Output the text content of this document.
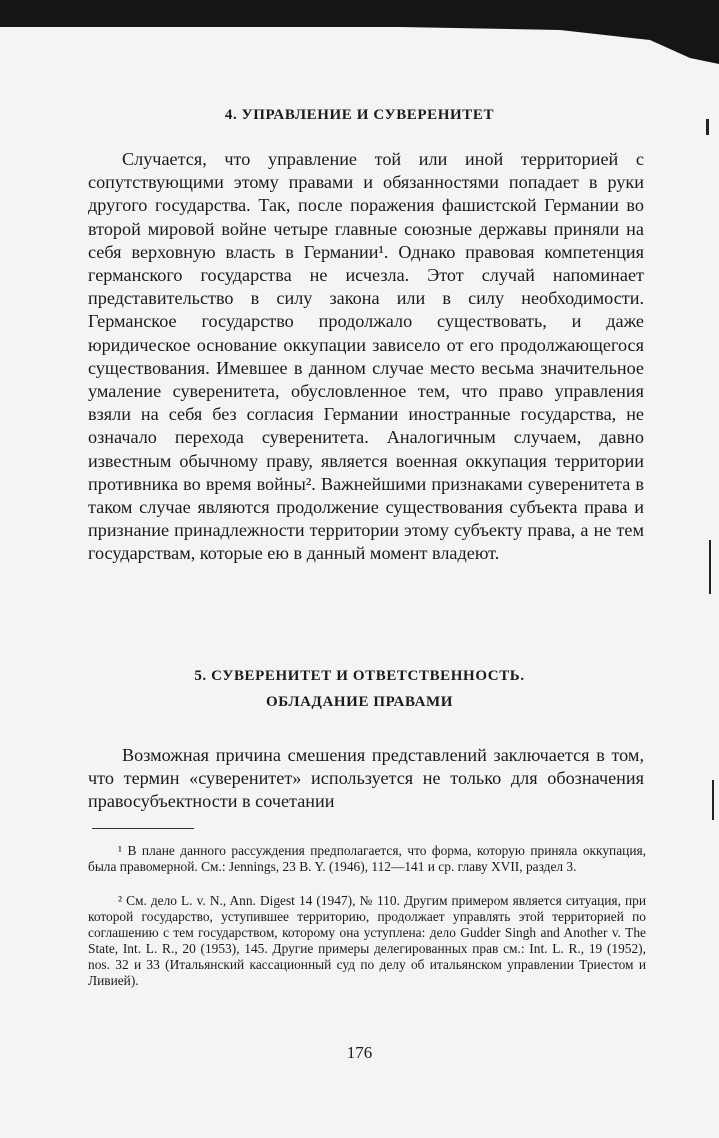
4. УПРАВЛЕНИЕ И СУВЕРЕНИТЕТ

Случается, что управление той или иной территорией с сопутствующими этому правами и обязанностями попадает в руки другого государства. Так, после поражения фашистской Германии во второй мировой войне четыре главные союзные державы приняли на себя верховную власть в Германии¹. Однако правовая компетенция германского государства не исчезла. Этот случай напоминает представительство в силу закона или в силу необходимости. Германское государство продолжало существовать, и даже юридическое основание оккупации зависело от его продолжающегося существования. Имевшее в данном случае место весьма значительное умаление суверенитета, обусловленное тем, что право управления взяли на себя без согласия Германии иностранные государства, не означало перехода суверенитета. Аналогичным случаем, давно известным обычному праву, является военная оккупация территории противника во время войны². Важнейшими признаками суверенитета в таком случае являются продолжение существования субъекта права и признание принадлежности территории этому субъекту права, а не тем государствам, которые ею в данный момент владеют.

5. СУВЕРЕНИТЕТ И ОТВЕТСТВЕННОСТЬ.
ОБЛАДАНИЕ ПРАВАМИ

Возможная причина смешения представлений заключается в том, что термин «суверенитет» используется не только для обозначения правосубъектности в сочетании

¹ В плане данного рассуждения предполагается, что форма, которую приняла оккупация, была правомерной. См.: Jennings, 23 B. Y. (1946), 112—141 и ср. главу XVII, раздел 3.

² См. дело L. v. N., Ann. Digest 14 (1947), № 110. Другим примером является ситуация, при которой государство, уступившее территорию, продолжает управлять этой территорией по соглашению с тем государством, которому она уступлена: дело Gudder Singh and Another v. The State, Int. L. R., 20 (1953), 145. Другие примеры делегированных прав см.: Int. L. R., 19 (1952), nos. 32 и 33 (Итальянский кассационный суд по делу об итальянском управлении Триестом и Ливией).

176
